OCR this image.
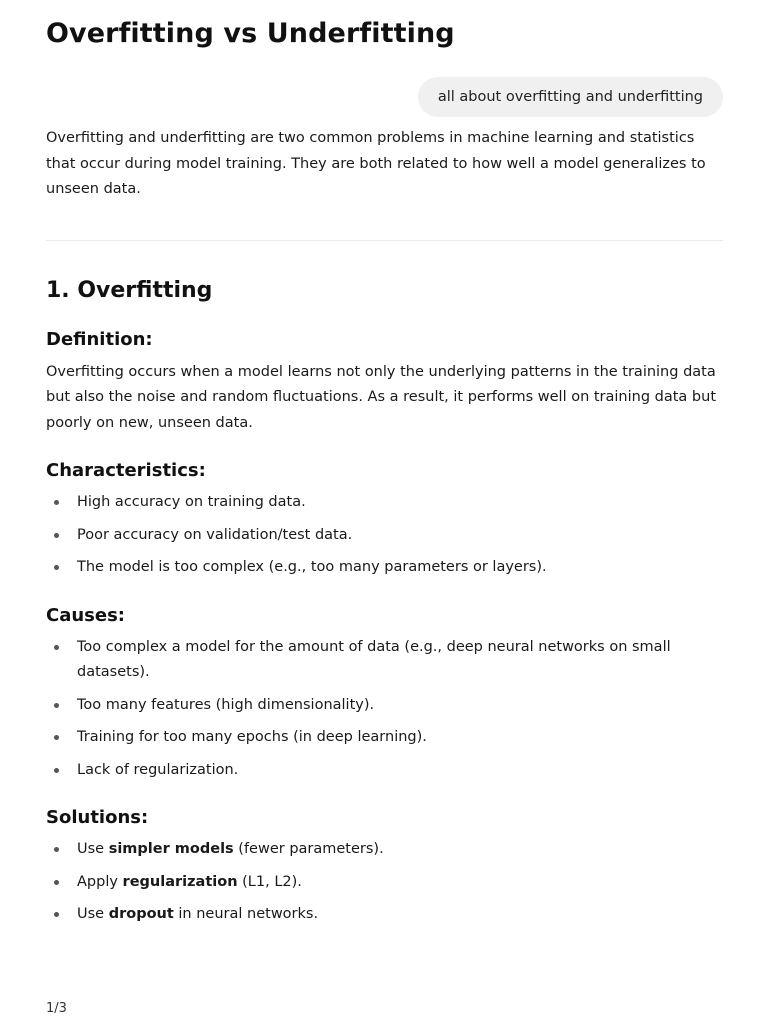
Overfitting vs Underfitting
all about overfitting and underfitting

Overfitting and underfitting are two common problems in machine learning and statistics that occur during model training. They are both related to how well a model generalizes to unseen data.

1. Overfitting
Definition:

Overfitting occurs when a model learns not only the underlying patterns in the training data but also the noise and random fluctuations. As a result, it performs well on training data but poorly on new, unseen data.

Characteristics:
High accuracy on training data.
Poor accuracy on validation/test data.
The model is too complex (e.g., too many parameters or layers).
Causes:
Too complex a model for the amount of data (e.g., deep neural networks on small datasets).
Too many features (high dimensionality).
Training for too many epochs (in deep learning).
Lack of regularization.
Solutions:
Use simpler models (fewer parameters).
Apply regularization (L1, L2).
Use dropout in neural networks.
1/3
